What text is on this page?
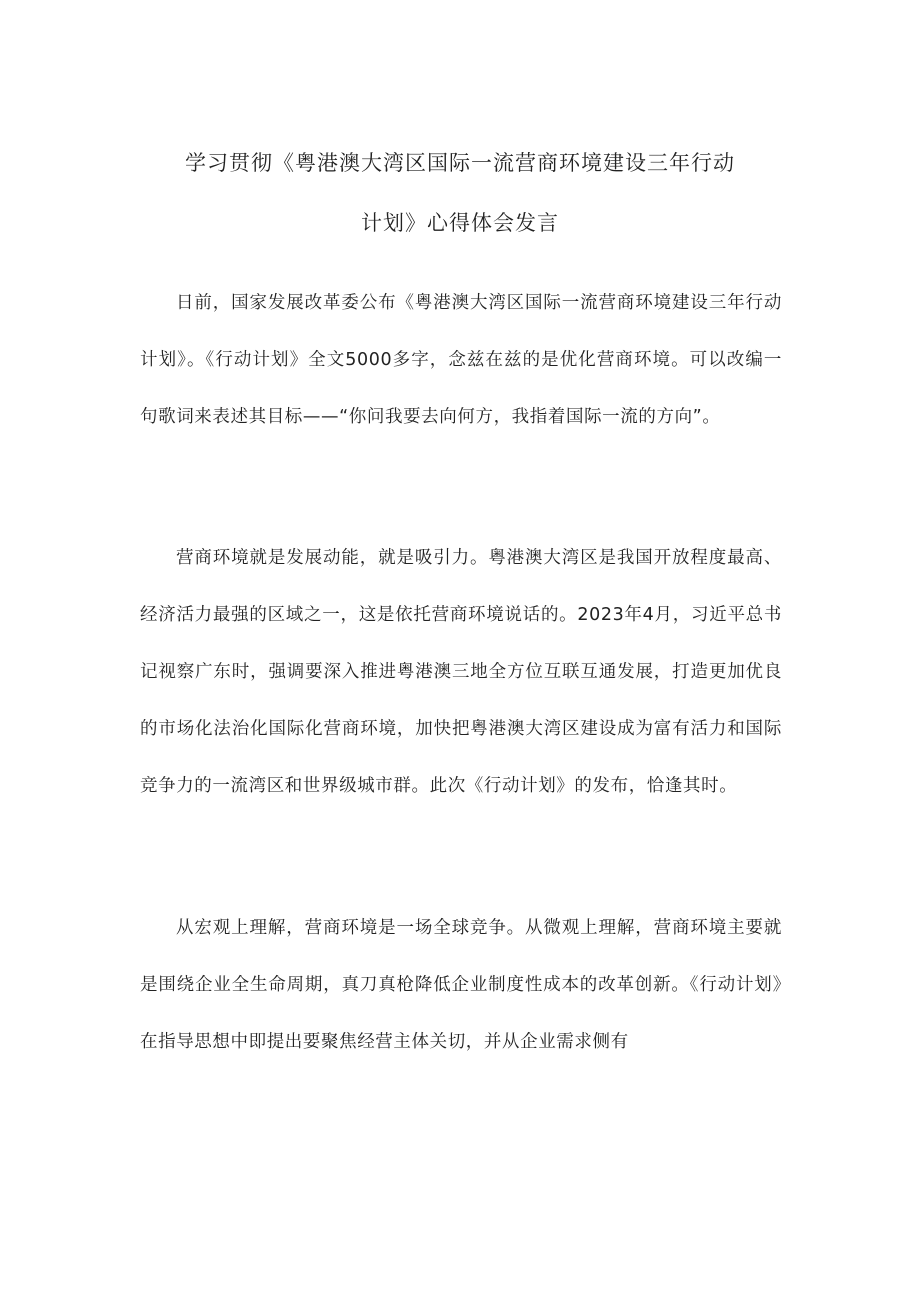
学习贯彻《粤港澳大湾区国际一流营商环境建设三年行动
计划》心得体会发言

日前，国家发展改革委公布《粤港澳大湾区国际一流营商环境建设三年行动计划》。《行动计划》全文5000多字，念兹在兹的是优化营商环境。可以改编一句歌词来表述其目标——“你问我要去向何方，我指着国际一流的方向”。

营商环境就是发展动能，就是吸引力。粤港澳大湾区是我国开放程度最高、经济活力最强的区域之一，这是依托营商环境说话的。2023年4月，习近平总书记视察广东时，强调要深入推进粤港澳三地全方位互联互通发展，打造更加优良的市场化法治化国际化营商环境，加快把粤港澳大湾区建设成为富有活力和国际竞争力的一流湾区和世界级城市群。此次《行动计划》的发布，恰逢其时。

从宏观上理解，营商环境是一场全球竞争。从微观上理解，营商环境主要就是围绕企业全生命周期，真刀真枪降低企业制度性成本的改革创新。《行动计划》在指导思想中即提出要聚焦经营主体关切，并从企业需求侧有
